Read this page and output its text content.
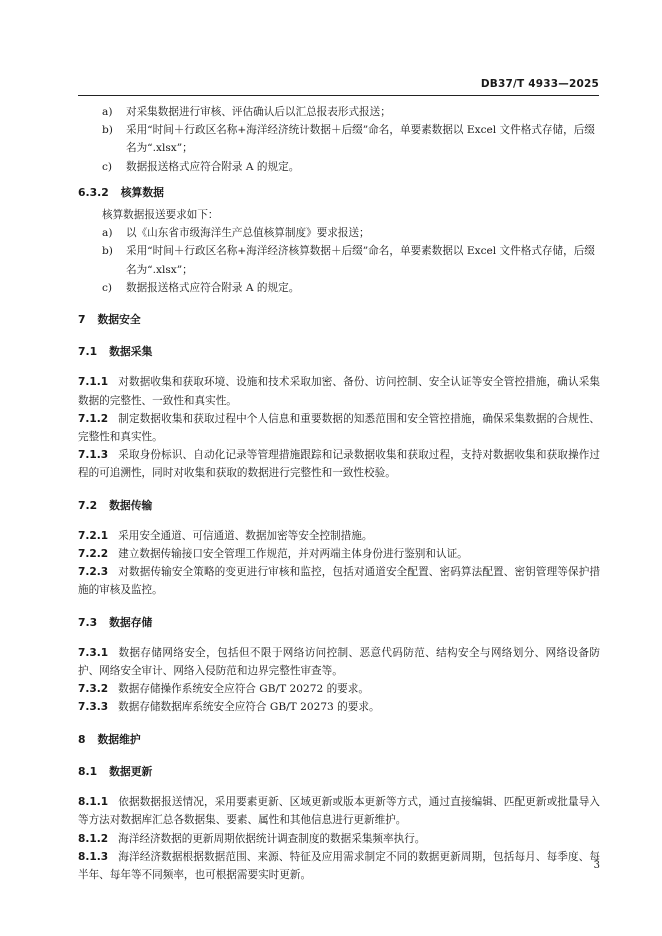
DB37/T 4933—2025
a) 对采集数据进行审核、评估确认后以汇总报表形式报送；
b) 采用“时间＋行政区名称+海洋经济统计数据＋后缀”命名，单要素数据以 Excel 文件格式存储，后缀名为“.xlsx”；
c) 数据报送格式应符合附录 A 的规定。
6.3.2 核算数据
核算数据报送要求如下：
a) 以《山东省市级海洋生产总值核算制度》要求报送；
b) 采用“时间＋行政区名称+海洋经济核算数据＋后缀”命名，单要素数据以 Excel 文件格式存储，后缀名为“.xlsx”；
c) 数据报送格式应符合附录 A 的规定。
7 数据安全
7.1 数据采集
7.1.1 对数据收集和获取环境、设施和技术采取加密、备份、访问控制、安全认证等安全管控措施，确认采集数据的完整性、一致性和真实性。
7.1.2 制定数据收集和获取过程中个人信息和重要数据的知悉范围和安全管控措施，确保采集数据的合规性、完整性和真实性。
7.1.3 采取身份标识、自动化记录等管理措施跟踪和记录数据收集和获取过程，支持对数据收集和获取操作过程的可追溯性，同时对收集和获取的数据进行完整性和一致性校验。
7.2 数据传输
7.2.1 采用安全通道、可信通道、数据加密等安全控制措施。
7.2.2 建立数据传输接口安全管理工作规范，并对两端主体身份进行鉴别和认证。
7.2.3 对数据传输安全策略的变更进行审核和监控，包括对通道安全配置、密码算法配置、密钥管理等保护措施的审核及监控。
7.3 数据存储
7.3.1 数据存储网络安全，包括但不限于网络访问控制、恶意代码防范、结构安全与网络划分、网络设备防护、网络安全审计、网络入侵防范和边界完整性审查等。
7.3.2 数据存储操作系统安全应符合 GB/T 20272 的要求。
7.3.3 数据存储数据库系统安全应符合 GB/T 20273 的要求。
8 数据维护
8.1 数据更新
8.1.1 依据数据报送情况，采用要素更新、区域更新或版本更新等方式，通过直接编辑、匹配更新或批量导入等方法对数据库汇总各数据集、要素、属性和其他信息进行更新维护。
8.1.2 海洋经济数据的更新周期依据统计调查制度的数据采集频率执行。
8.1.3 海洋经济数据根据数据范围、来源、特征及应用需求制定不同的数据更新周期，包括每月、每季度、每半年、每年等不同频率，也可根据需要实时更新。
3
